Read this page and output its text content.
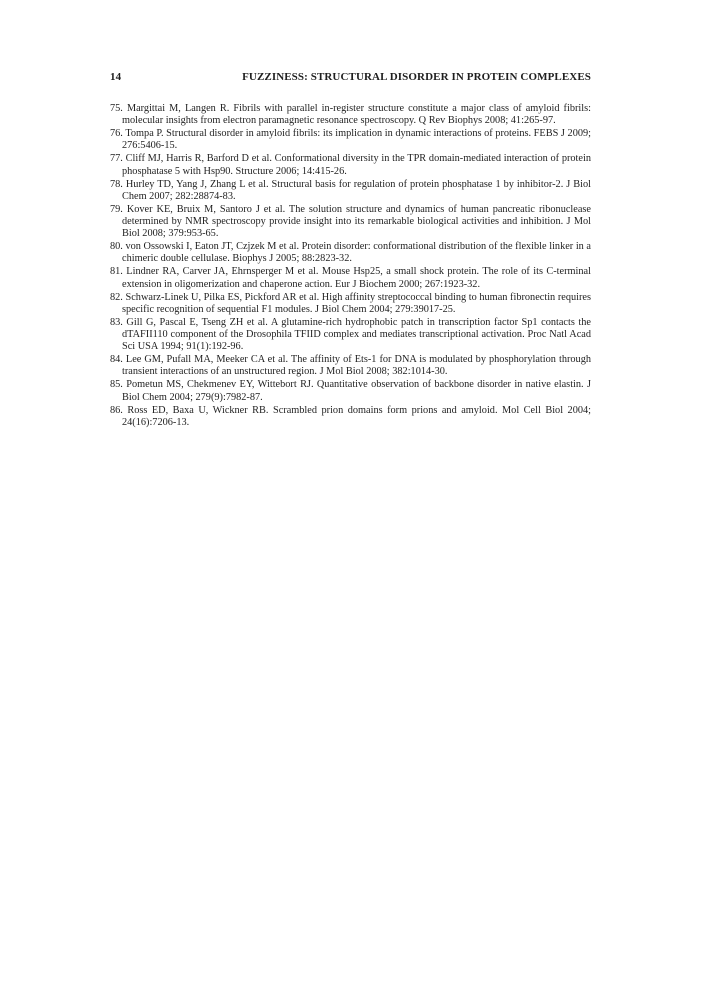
14	FUZZINESS: STRUCTURAL DISORDER IN PROTEIN COMPLEXES
75. Margittai M, Langen R. Fibrils with parallel in-register structure constitute a major class of amyloid fibrils: molecular insights from electron paramagnetic resonance spectroscopy. Q Rev Biophys 2008; 41:265-97.
76. Tompa P. Structural disorder in amyloid fibrils: its implication in dynamic interactions of proteins. FEBS J 2009; 276:5406-15.
77. Cliff MJ, Harris R, Barford D et al. Conformational diversity in the TPR domain-mediated interaction of protein phosphatase 5 with Hsp90. Structure 2006; 14:415-26.
78. Hurley TD, Yang J, Zhang L et al. Structural basis for regulation of protein phosphatase 1 by inhibitor-2. J Biol Chem 2007; 282:28874-83.
79. Kover KE, Bruix M, Santoro J et al. The solution structure and dynamics of human pancreatic ribonuclease determined by NMR spectroscopy provide insight into its remarkable biological activities and inhibition. J Mol Biol 2008; 379:953-65.
80. von Ossowski I, Eaton JT, Czjzek M et al. Protein disorder: conformational distribution of the flexible linker in a chimeric double cellulase. Biophys J 2005; 88:2823-32.
81. Lindner RA, Carver JA, Ehrnsperger M et al. Mouse Hsp25, a small shock protein. The role of its C-terminal extension in oligomerization and chaperone action. Eur J Biochem 2000; 267:1923-32.
82. Schwarz-Linek U, Pilka ES, Pickford AR et al. High affinity streptococcal binding to human fibronectin requires specific recognition of sequential F1 modules. J Biol Chem 2004; 279:39017-25.
83. Gill G, Pascal E, Tseng ZH et al. A glutamine-rich hydrophobic patch in transcription factor Sp1 contacts the dTAFII110 component of the Drosophila TFIID complex and mediates transcriptional activation. Proc Natl Acad Sci USA 1994; 91(1):192-96.
84. Lee GM, Pufall MA, Meeker CA et al. The affinity of Ets-1 for DNA is modulated by phosphorylation through transient interactions of an unstructured region. J Mol Biol 2008; 382:1014-30.
85. Pometun MS, Chekmenev EY, Wittebort RJ. Quantitative observation of backbone disorder in native elastin. J Biol Chem 2004; 279(9):7982-87.
86. Ross ED, Baxa U, Wickner RB. Scrambled prion domains form prions and amyloid. Mol Cell Biol 2004; 24(16):7206-13.
